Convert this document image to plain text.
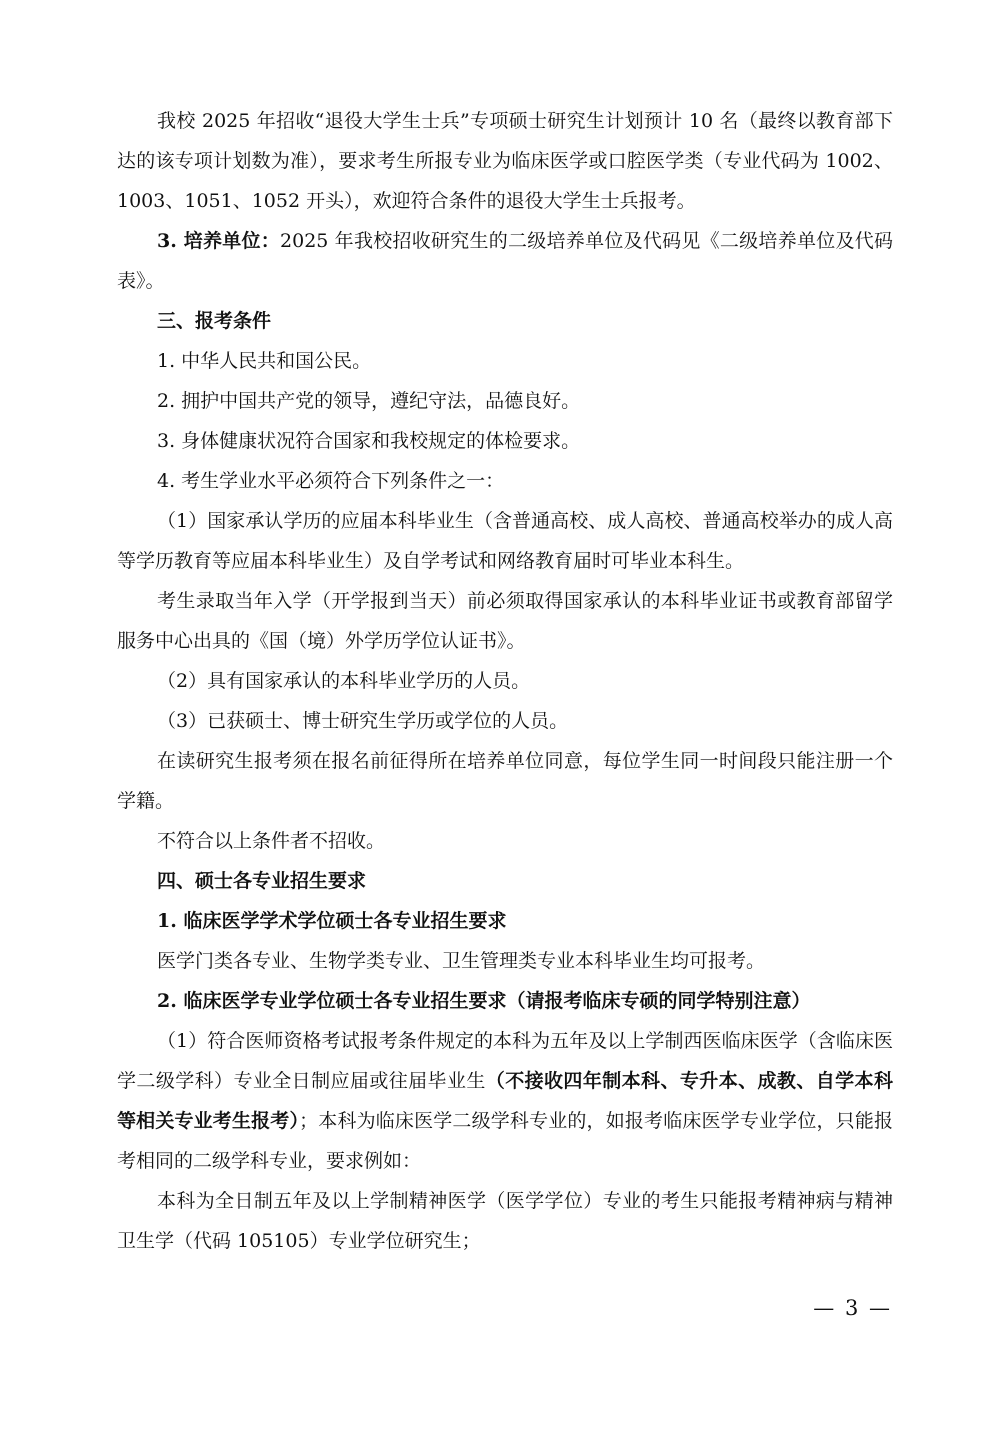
我校 2025 年招收“退役大学生士兵”专项硕士研究生计划预计 10 名（最终以教育部下达的该专项计划数为准），要求考生所报专业为临床医学或口腔医学类（专业代码为 1002、1003、1051、1052 开头），欢迎符合条件的退役大学生士兵报考。

3. 培养单位：2025 年我校招收研究生的二级培养单位及代码见《二级培养单位及代码表》。

三、报考条件

1. 中华人民共和国公民。

2. 拥护中国共产党的领导，遵纪守法，品德良好。

3. 身体健康状况符合国家和我校规定的体检要求。

4. 考生学业水平必须符合下列条件之一：

（1）国家承认学历的应届本科毕业生（含普通高校、成人高校、普通高校举办的成人高等学历教育等应届本科毕业生）及自学考试和网络教育届时可毕业本科生。

考生录取当年入学（开学报到当天）前必须取得国家承认的本科毕业证书或教育部留学服务中心出具的《国（境）外学历学位认证书》。

（2）具有国家承认的本科毕业学历的人员。

（3）已获硕士、博士研究生学历或学位的人员。

在读研究生报考须在报名前征得所在培养单位同意，每位学生同一时间段只能注册一个学籍。

不符合以上条件者不招收。

四、硕士各专业招生要求

1. 临床医学学术学位硕士各专业招生要求

医学门类各专业、生物学类专业、卫生管理类专业本科毕业生均可报考。

2. 临床医学专业学位硕士各专业招生要求（请报考临床专硕的同学特别注意）

（1）符合医师资格考试报考条件规定的本科为五年及以上学制西医临床医学（含临床医学二级学科）专业全日制应届或往届毕业生（不接收四年制本科、专升本、成教、自学本科等相关专业考生报考）；本科为临床医学二级学科专业的，如报考临床医学专业学位，只能报考相同的二级学科专业，要求例如：

本科为全日制五年及以上学制精神医学（医学学位）专业的考生只能报考精神病与精神卫生学（代码 105105）专业学位研究生；

— 3 —
